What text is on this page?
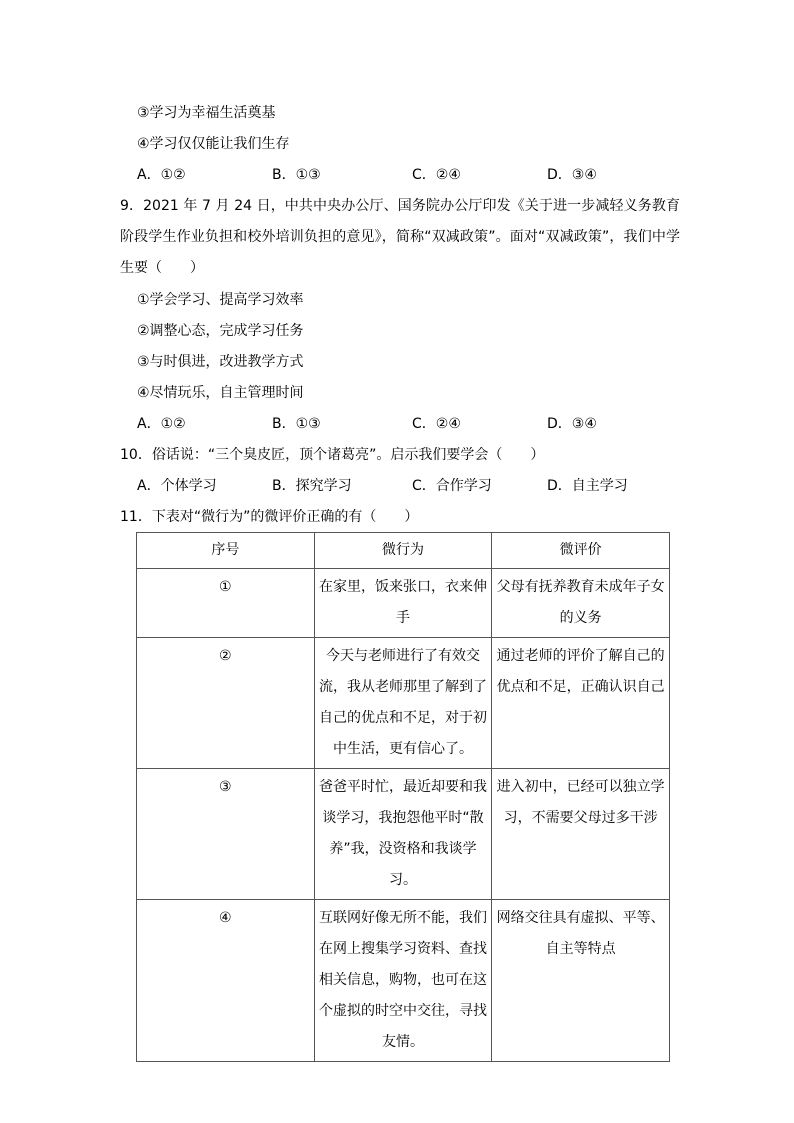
③学习为幸福生活奠基
④学习仅仅能让我们生存
A．①②	B．①③	C．②④	D．③④
9．2021 年 7 月 24 日，中共中央办公厅、国务院办公厅印发《关于进一步减轻义务教育阶段学生作业负担和校外培训负担的意见》，简称“双减政策”。面对“双减政策”，我们中学生要（　　）
①学会学习、提高学习效率
②调整心态，完成学习任务
③与时俱进，改进教学方式
④尽情玩乐，自主管理时间
A．①②	B．①③	C．②④	D．③④
10．俗话说：“三个臭皮匠，顶个诸葛亮”。启示我们要学会（　　）
A．个体学习	B．探究学习	C．合作学习	D．自主学习
11．下表对“微行为”的微评价正确的有（　　）
序号	微行为	微评价
①	在家里，饭来张口，衣来伸手	父母有抚养教育未成年子女的义务
②	今天与老师进行了有效交流，我从老师那里了解到了自己的优点和不足，对于初中生活，更有信心了。	通过老师的评价了解自己的优点和不足，正确认识自己
③	爸爸平时忙，最近却要和我谈学习，我抱怨他平时“散养”我，没资格和我谈学习。	进入初中，已经可以独立学习，不需要父母过多干涉
④	互联网好像无所不能，我们在网上搜集学习资料、查找相关信息，购物，也可在这个虚拟的时空中交往，寻找友情。	网络交往具有虚拟、平等、自主等特点
